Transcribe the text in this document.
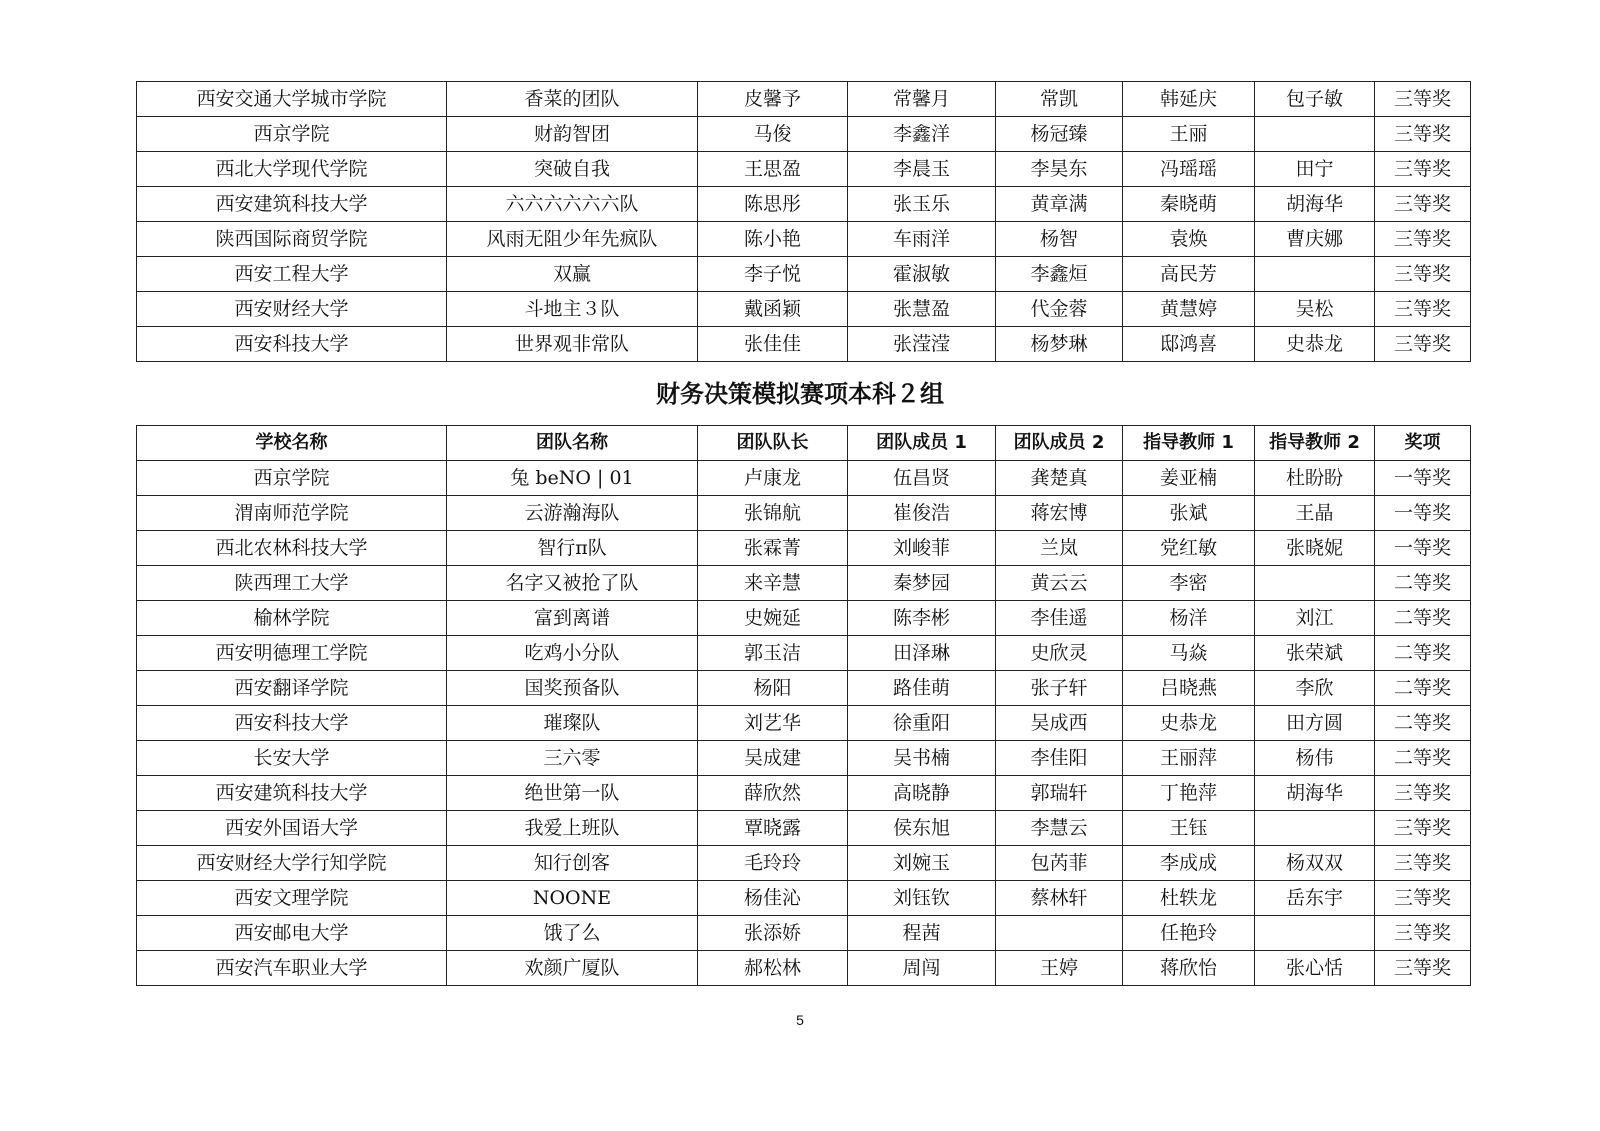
西安交通大学城市学院	香菜的团队	皮馨予	常馨月	常凯	韩延庆	包子敏	三等奖
西京学院	财韵智团	马俊	李鑫洋	杨冠臻	王丽		三等奖
西北大学现代学院	突破自我	王思盈	李晨玉	李昊东	冯瑶瑶	田宁	三等奖
西安建筑科技大学	六六六六六六队	陈思彤	张玉乐	黄章满	秦晓萌	胡海华	三等奖
陕西国际商贸学院	风雨无阻少年先疯队	陈小艳	车雨洋	杨智	袁焕	曹庆娜	三等奖
西安工程大学	双赢	李子悦	霍淑敏	李鑫烜	高民芳		三等奖
西安财经大学	斗地主３队	戴函颖	张慧盈	代金蓉	黄慧婷	吴松	三等奖
西安科技大学	世界观非常队	张佳佳	张滢滢	杨梦琳	邸鸿喜	史恭龙	三等奖
财务决策模拟赛项本科２组
学校名称	团队名称	团队队长	团队成员 1	团队成员 2	指导教师 1	指导教师 2	奖项
西京学院	兔 beNO | 01	卢康龙	伍昌贤	龚楚真	姜亚楠	杜盼盼	一等奖
渭南师范学院	云游瀚海队	张锦航	崔俊浩	蒋宏博	张斌	王晶	一等奖
西北农林科技大学	智行π队	张霖菁	刘峻菲	兰岚	党红敏	张晓妮	一等奖
陕西理工大学	名字又被抢了队	来辛慧	秦梦园	黄云云	李密		二等奖
榆林学院	富到离谱	史婉延	陈李彬	李佳遥	杨洋	刘江	二等奖
西安明德理工学院	吃鸡小分队	郭玉洁	田泽琳	史欣灵	马焱	张荣斌	二等奖
西安翻译学院	国奖预备队	杨阳	路佳萌	张子轩	吕晓燕	李欣	二等奖
西安科技大学	璀璨队	刘艺华	徐重阳	吴成西	史恭龙	田方圆	二等奖
长安大学	三六零	吴成建	吴书楠	李佳阳	王丽萍	杨伟	二等奖
西安建筑科技大学	绝世第一队	薛欣然	高晓静	郭瑞轩	丁艳萍	胡海华	三等奖
西安外国语大学	我爱上班队	覃晓露	侯东旭	李慧云	王钰		三等奖
西安财经大学行知学院	知行创客	毛玲玲	刘婉玉	包芮菲	李成成	杨双双	三等奖
西安文理学院	NOONE	杨佳沁	刘钰钦	蔡林轩	杜轶龙	岳东宇	三等奖
西安邮电大学	饿了么	张添娇	程茜		任艳玲		三等奖
西安汽车职业大学	欢颜广厦队	郝松林	周闯	王婷	蒋欣怡	张心恬	三等奖
5
